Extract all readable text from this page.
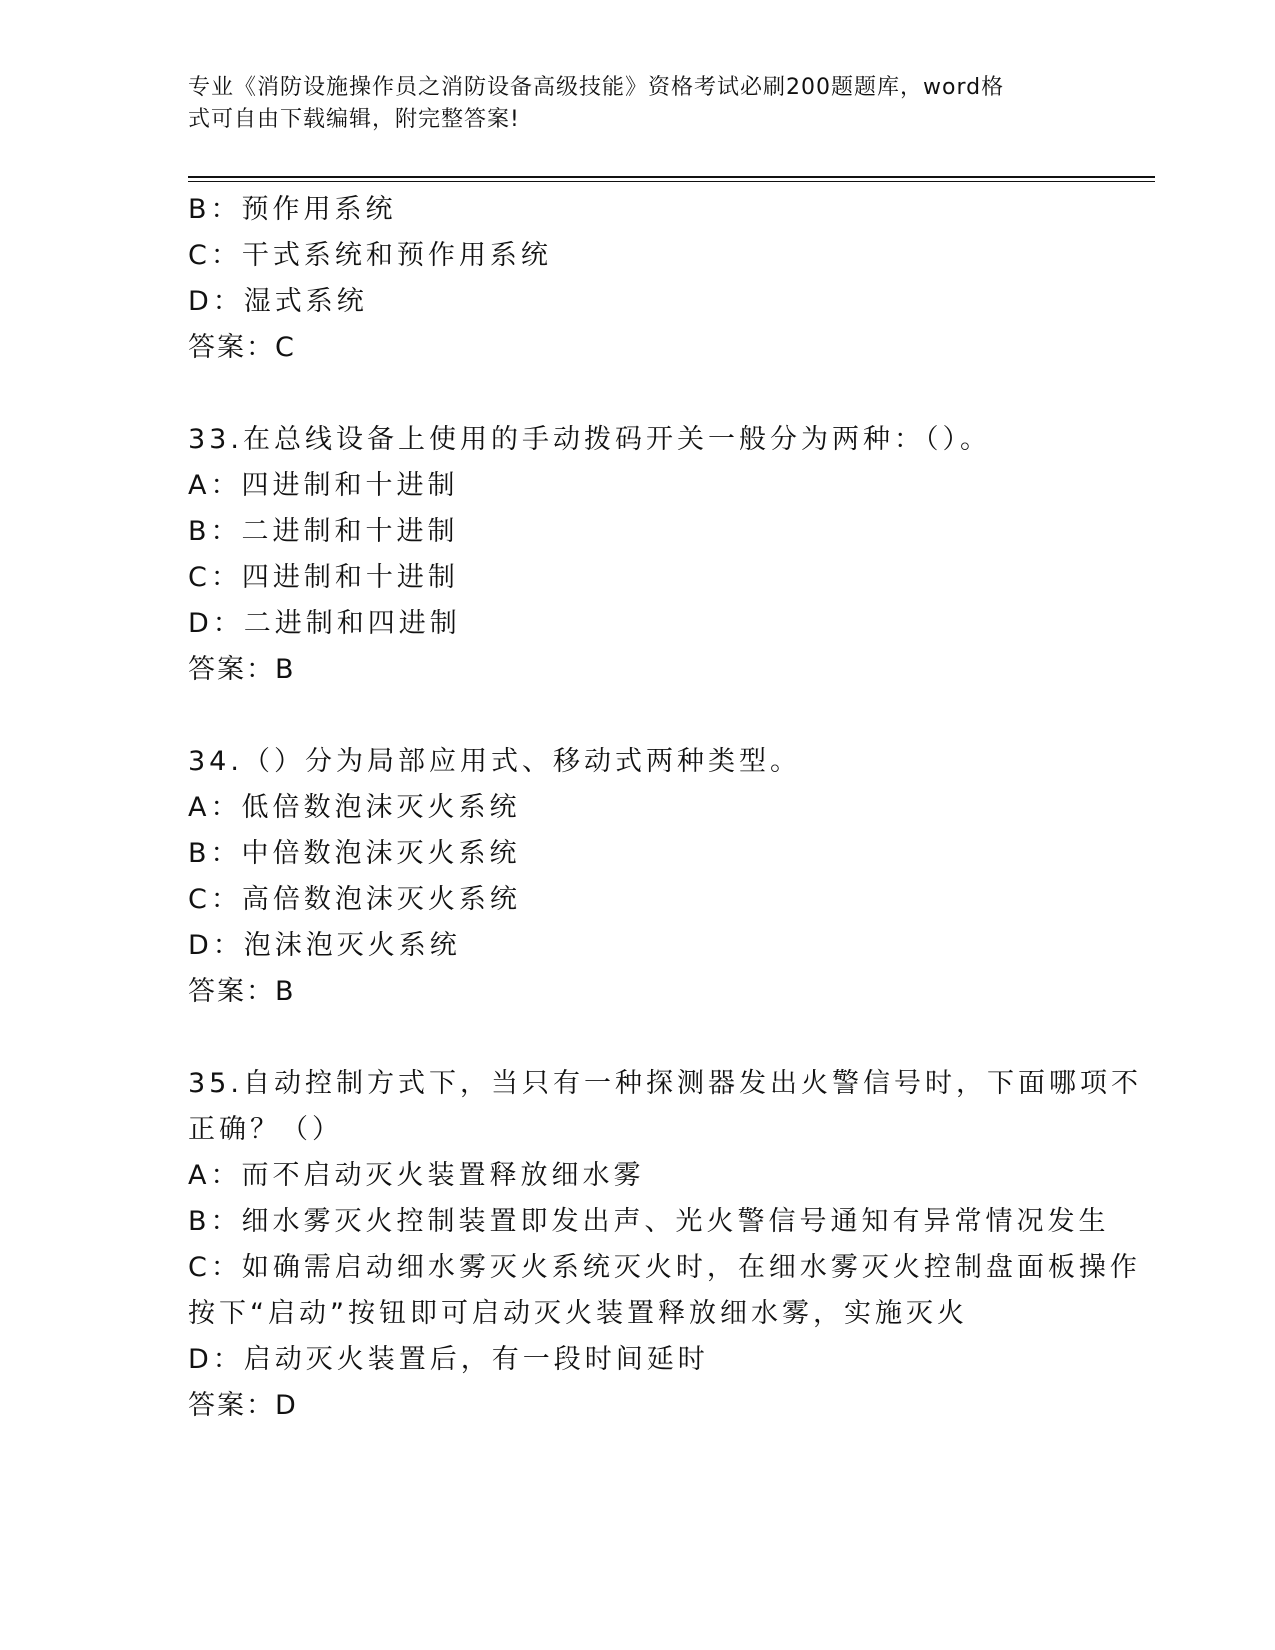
专业《消防设施操作员之消防设备高级技能》资格考试必刷200题题库，word格
式可自由下载编辑，附完整答案!
B：预作用系统
C：干式系统和预作用系统
D：湿式系统
答案：C
33.在总线设备上使用的手动拨码开关一般分为两种：（）。
A：四进制和十进制
B：二进制和十进制
C：四进制和十进制
D：二进制和四进制
答案：B
34.（）分为局部应用式、移动式两种类型。
A：低倍数泡沫灭火系统
B：中倍数泡沫灭火系统
C：高倍数泡沫灭火系统
D：泡沫泡灭火系统
答案：B
35.自动控制方式下，当只有一种探测器发出火警信号时，下面哪项不
正确？（）
A：而不启动灭火装置释放细水雾
B：细水雾灭火控制装置即发出声、光火警信号通知有异常情况发生
C：如确需启动细水雾灭火系统灭火时，在细水雾灭火控制盘面板操作
按下“启动”按钮即可启动灭火装置释放细水雾，实施灭火
D：启动灭火装置后，有一段时间延时
答案：D
